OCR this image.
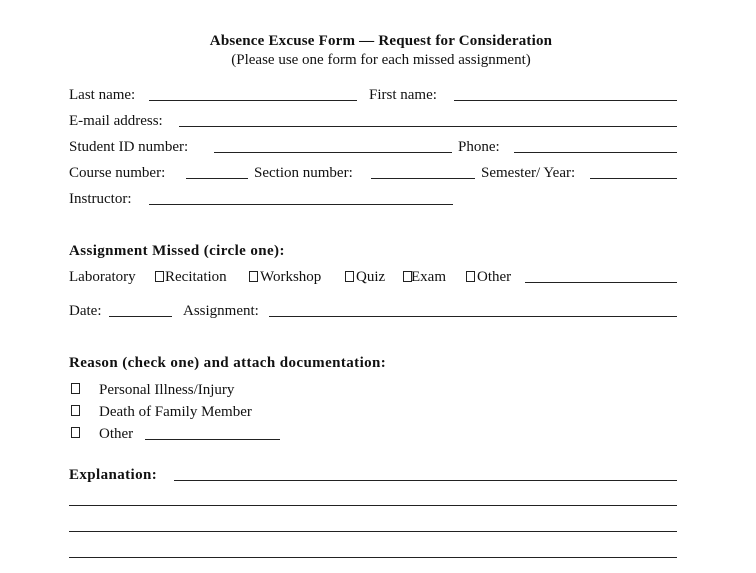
Absence Excuse Form — Request for Consideration
(Please use one form for each missed assignment)
Last name:	First name:
E-mail address:
Student ID number:	Phone:
Course number:	Section number:	Semester/ Year:
Instructor:
Assignment Missed (circle one):
Laboratory Recitation Workshop Quiz Exam Other
Date:	Assignment:
Reason (check one) and attach documentation:
Personal Illness/Injury
Death of Family Member
Other
Explanation:
